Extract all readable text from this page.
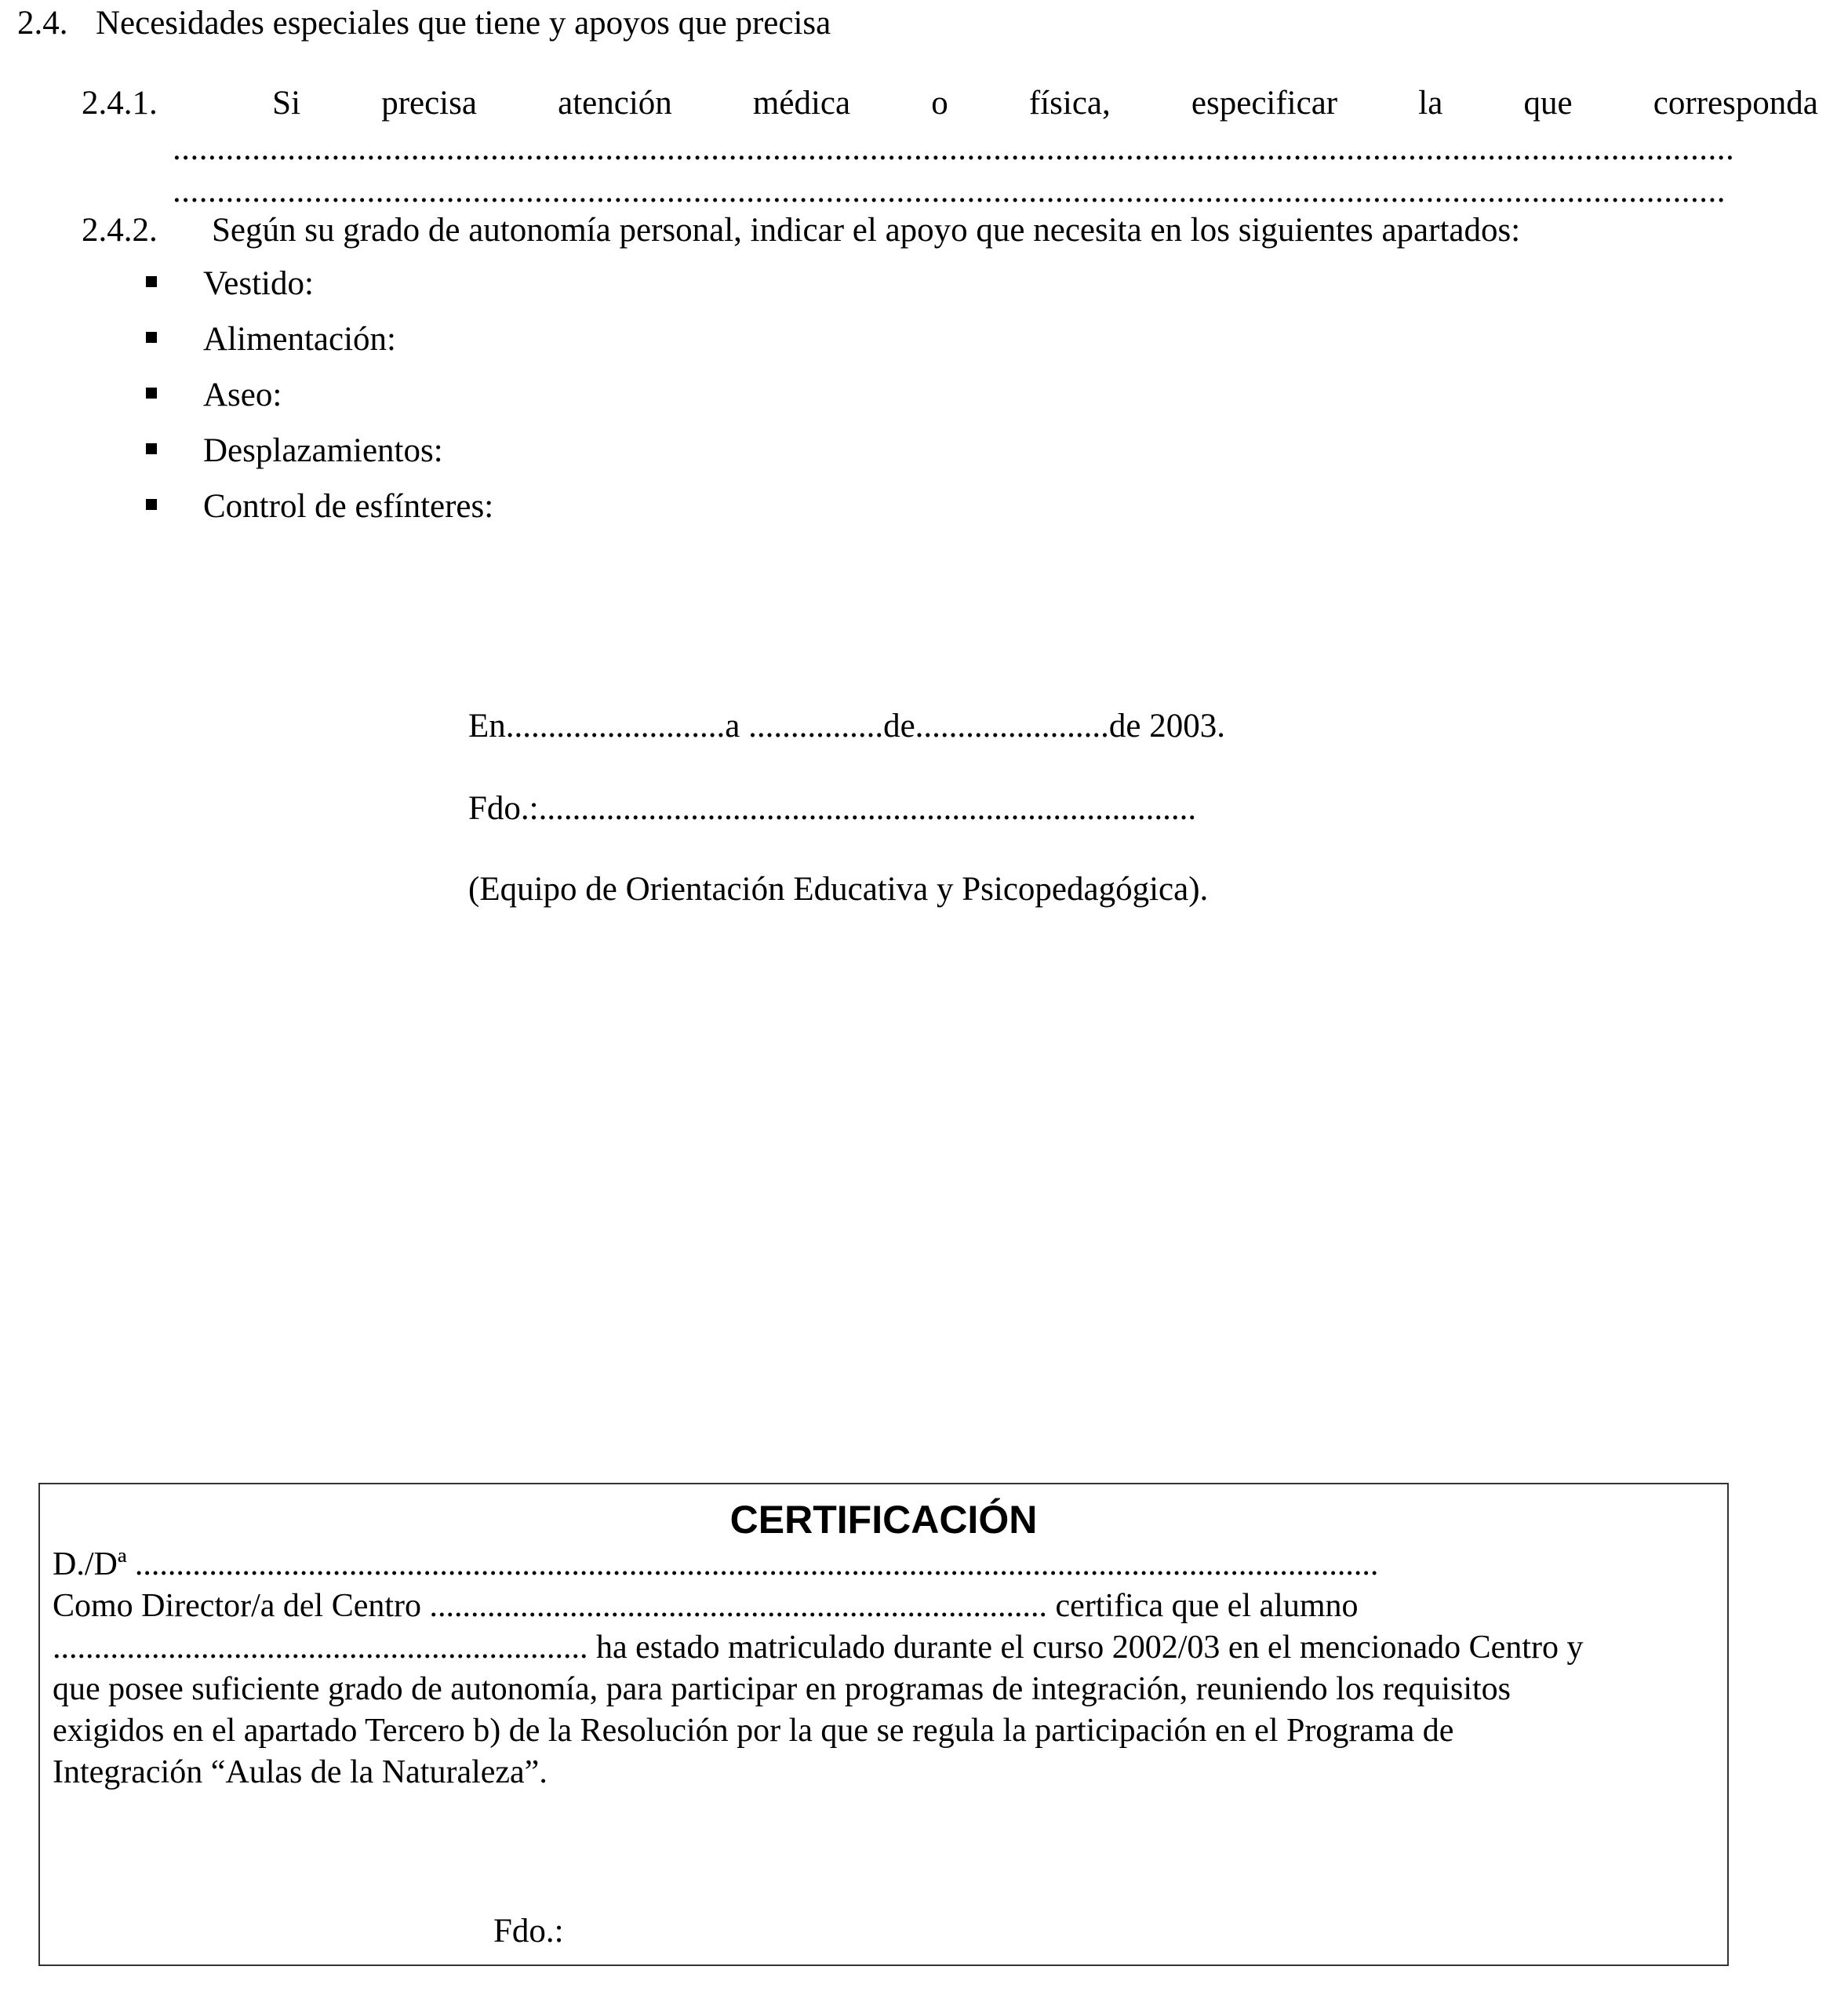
2.4. Necesidades especiales que tiene y apoyos que precisa
2.4.1.	Si precisa atención médica o física, especificar la que corresponda
.................................................................................................................................................................................
................................................................................................................................................................................
2.4.2. Según su grado de autonomía personal, indicar el apoyo que necesita en los siguientes apartados:
Vestido:
Alimentación:
Aseo:
Desplazamientos:
Control de esfínteres:
En..........................a ................de.......................de 2003.
Fdo.:..............................................................................
(Equipo de Orientación Educativa y Psicopedagógica).
CERTIFICACIÓN
D./Dª .......................................................................................................................................................
Como Director/a del Centro ........................................................................... certifica que el alumno
................................................................. ha estado matriculado durante el curso 2002/03 en el mencionado Centro y
que posee suficiente grado de autonomía, para participar en programas de integración, reuniendo los requisitos
exigidos en el apartado Tercero b) de la Resolución por la que se regula la participación en el Programa de
Integración “Aulas de la Naturaleza”.
Fdo.:
